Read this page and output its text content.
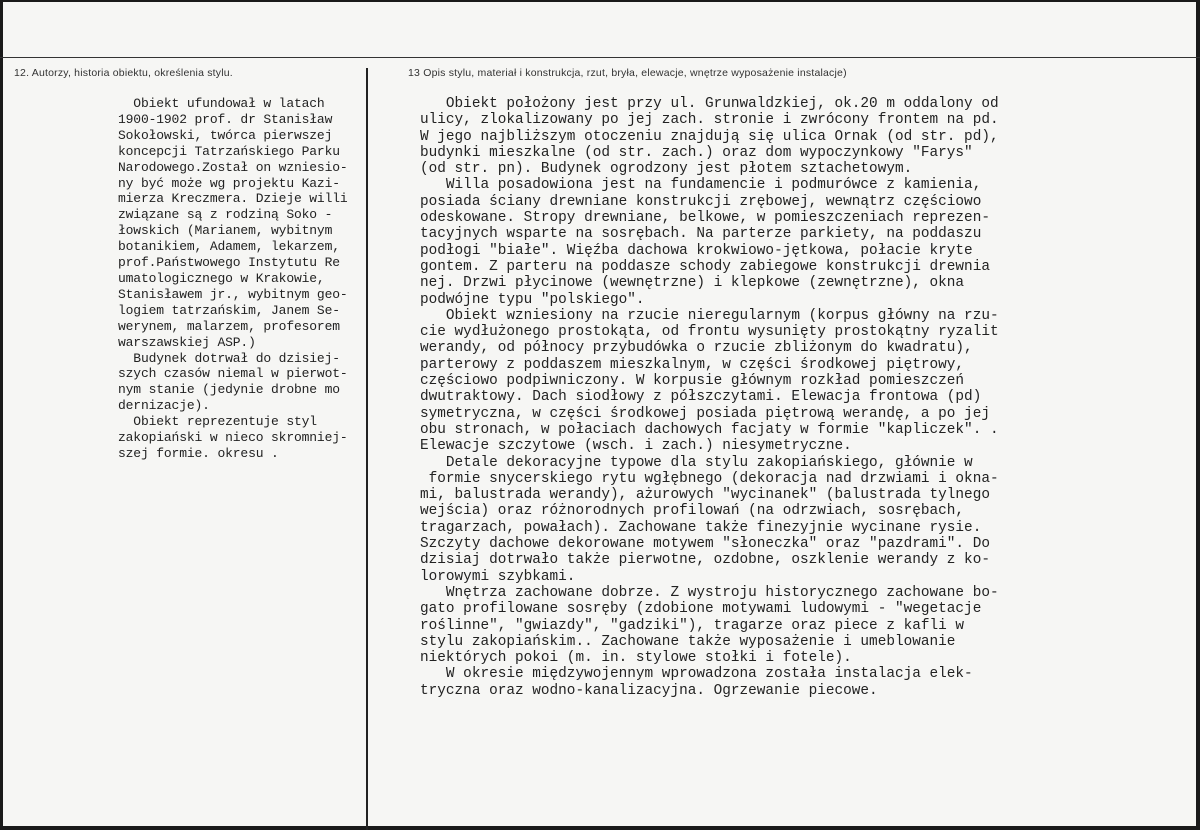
12. Autorzy, historia obiektu, określenia stylu.	13 Opis stylu, materiał i konstrukcja, rzut, bryła, elewacje, wnętrze wyposażenie instalacje)
Obiekt ufundował w latach
1900-1902 prof. dr Stanisław
Sokołowski, twórca pierwszej
koncepcji Tatrzańskiego Parku
Narodowego.Został on wzniesio-
ny być może wg projektu Kazi-
mierza Kreczmera. Dzieje willi
związane są z rodziną Soko -
łowskich (Marianem, wybitnym
botanikiem, Adamem, lekarzem,
prof.Państwowego Instytutu Re
umatologicznego w Krakowie,
Stanisławem jr., wybitnym geo-
logiem tatrzańskim, Janem Se-
werynem, malarzem, profesorem
warszawskiej ASP.)
Budynek dotrwał do dzisiej-
szych czasów niemal w pierwot-
nym stanie (jedynie drobne mo
dernizacje).
Obiekt reprezentuje styl
zakopiański w nieco skromniej-
szej formie. okresu .
Obiekt położony jest przy ul. Grunwaldzkiej, ok.20 m oddalony od
ulicy, zlokalizowany po jej zach. stronie i zwrócony frontem na pd.
W jego najbliższym otoczeniu znajdują się ulica Ornak (od str. pd),
budynki mieszkalne (od str. zach.) oraz dom wypoczynkowy "Farys"
(od str. pn). Budynek ogrodzony jest płotem sztachetowym.
Willa posadowiona jest na fundamencie i podmurówce z kamienia,
posiada ściany drewniane konstrukcji zrębowej, wewnątrz częściowo
odeskowane. Stropy drewniane, belkowe, w pomieszczeniach reprezen-
tacyjnych wsparte na sosrębach. Na parterze parkiety, na poddaszu
podłogi "białe". Więźba dachowa krokwiowo-jętkowa, połacie kryte
gontem. Z parteru na poddasze schody zabiegowe konstrukcji drewnia
nej. Drzwi płycinowe (wewnętrzne) i klepkowe (zewnętrzne), okna
podwójne typu "polskiego".
Obiekt wzniesiony na rzucie nieregularnym (korpus główny na rzu-
cie wydłużonego prostokąta, od frontu wysunięty prostokątny ryzalit
werandy, od północy przybudówka o rzucie zbliżonym do kwadratu),
parterowy z poddaszem mieszkalnym, w części środkowej piętrowy,
częściowo podpiwniczony. W korpusie głównym rozkład pomieszczeń
dwutraktowy. Dach siodłowy z półszczytami. Elewacja frontowa (pd)
symetryczna, w części środkowej posiada piętrową werandę, a po jej
obu stronach, w połaciach dachowych facjaty w formie "kapliczek". .
Elewacje szczytowe (wsch. i zach.) niesymetryczne.
Detale dekoracyjne typowe dla stylu zakopiańskiego, głównie w
formie snycerskiego rytu wgłębnego (dekoracja nad drzwiami i okna-
mi, balustrada werandy), ażurowych "wycinanek" (balustrada tylnego
wejścia) oraz różnorodnych profilowań (na odrzwiach, sosrębach,
tragarzach, powałach). Zachowane także finezyjnie wycinane rysie.
Szczyty dachowe dekorowane motywem "słoneczka" oraz "pazdrami". Do
dzisiaj dotrwało także pierwotne, ozdobne, oszklenie werandy z ko-
lorowymi szybkami.
Wnętrza zachowane dobrze. Z wystroju historycznego zachowane bo-
gato profilowane sosręby (zdobione motywami ludowymi - "wegetacje
roślinne", "gwiazdy", "gadziki"), tragarze oraz piece z kafli w
stylu zakopiańskim.. Zachowane także wyposażenie i umeblowanie
niektórych pokoi (m. in. stylowe stołki i fotele).
W okresie międzywojennym wprowadzona została instalacja elek-
tryczna oraz wodno-kanalizacyjna. Ogrzewanie piecowe.
